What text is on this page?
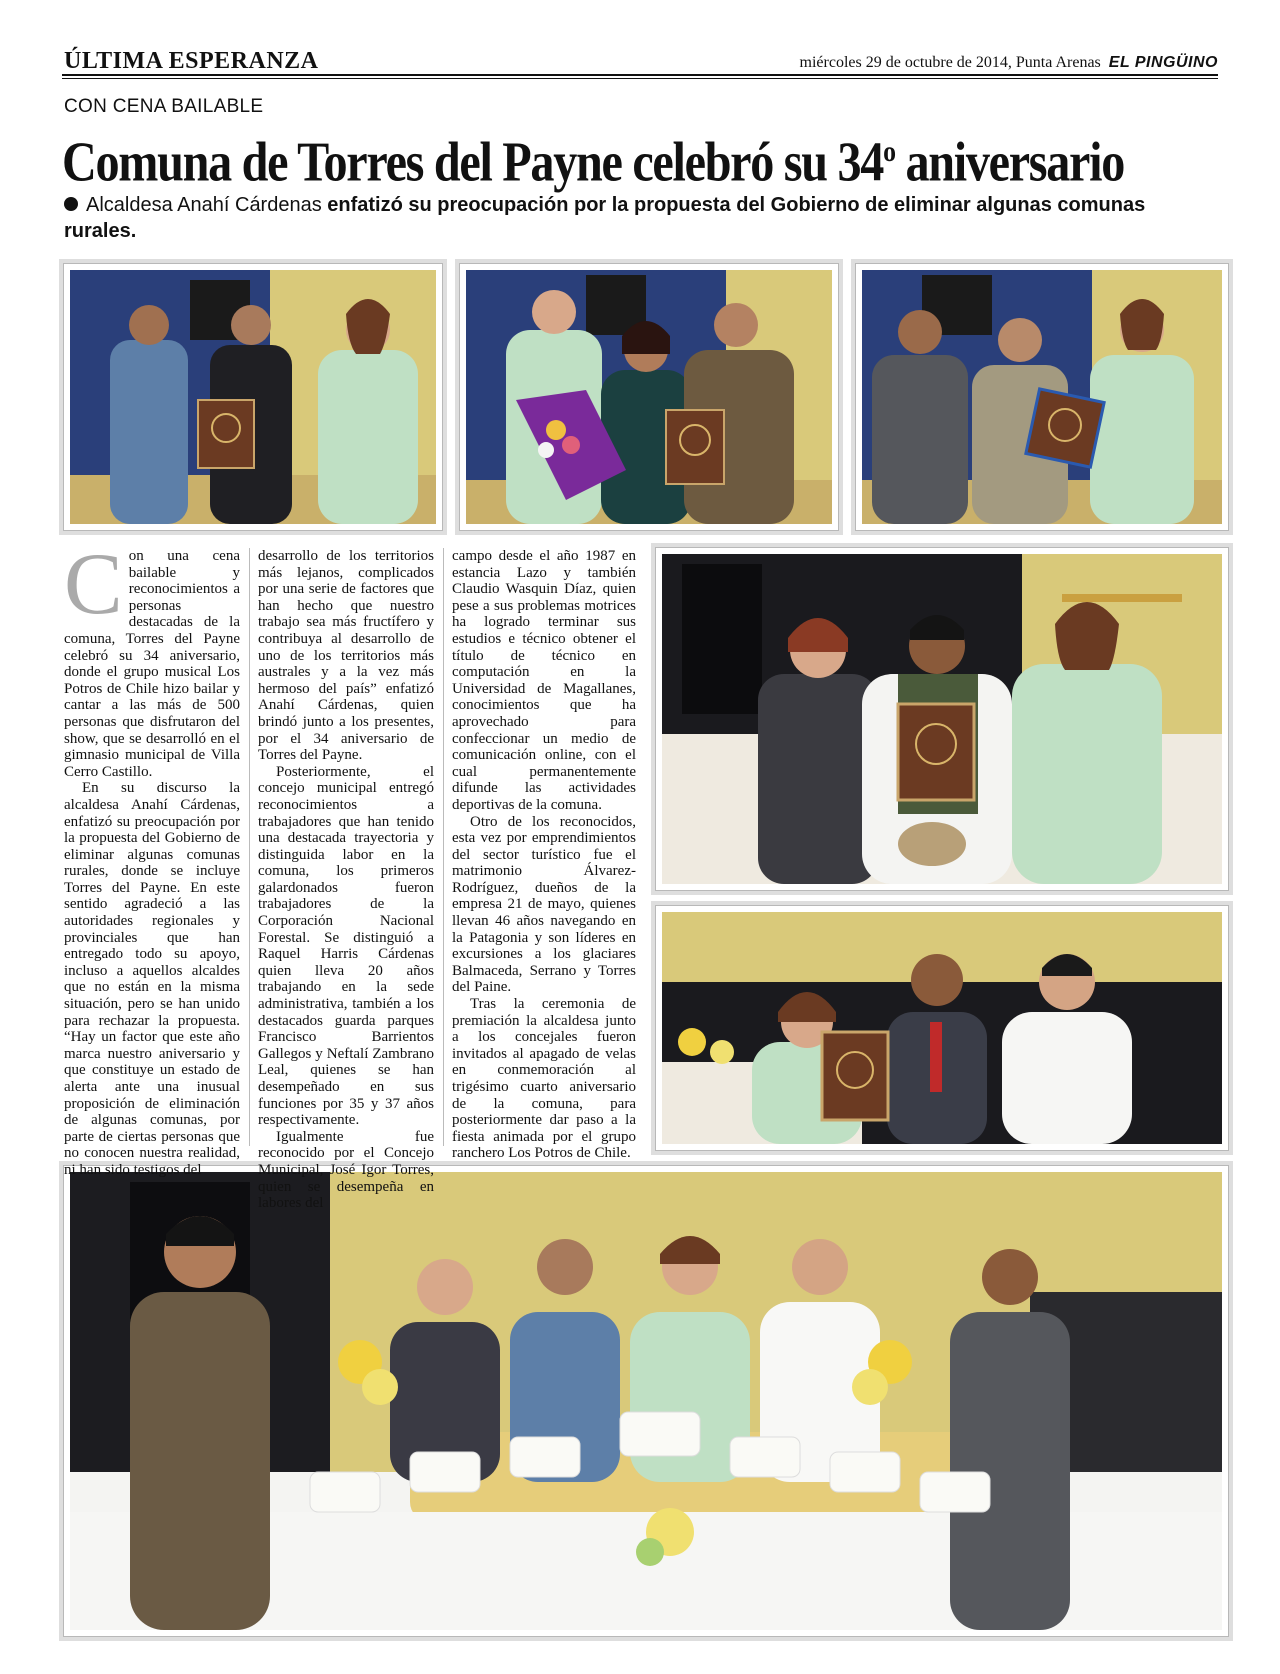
ÚLTIMA ESPERANZA	miércoles 29 de octubre de 2014, Punta Arenas EL PINGÜINO
CON CENA BAILABLE
Comuna de Torres del Payne celebró su 34$^o$ aniversario
Alcaldesa Anahí Cárdenas enfatizó su preocupación por la propuesta del Gobierno de eliminar algunas comunas rurales.
C on una cena bailable y reconocimientos a personas destacadas de la comuna, Torres del Payne celebró su 34 aniversario, donde el grupo musical Los Potros de Chile hizo bailar y cantar a las más de 500 personas que disfrutaron del show, que se desarrolló en el gimnasio municipal de Villa Cerro Castillo.

En su discurso la alcaldesa Anahí Cárdenas, enfatizó su preocupación por la propuesta del Gobierno de eliminar algunas comunas rurales, donde se incluye Torres del Payne. En este sentido agradeció a las autoridades regionales y provinciales que han entregado todo su apoyo, incluso a aquellos alcaldes que no están en la misma situación, pero se han unido para rechazar la propuesta. “Hay un factor que este año marca nuestro aniversario y que constituye un estado de alerta ante una inusual proposición de eliminación de algunas comunas, por parte de ciertas personas que no conocen nuestra realidad, ni han sido testigos del

desarrollo de los territorios más lejanos, complicados por una serie de factores que han hecho que nuestro trabajo sea más fructífero y contribuya al desarrollo de uno de los territorios más australes y a la vez más hermoso del país” enfatizó Anahí Cárdenas, quien brindó junto a los presentes, por el 34 aniversario de Torres del Payne.

Posteriormente, el concejo municipal entregó reconocimientos a trabajadores que han tenido una destacada trayectoria y distinguida labor en la comuna, los primeros galardonados fueron trabajadores de la Corporación Nacional Forestal. Se distinguió a Raquel Harris Cárdenas quien lleva 20 años trabajando en la sede administrativa, también a los destacados guarda parques Francisco Barrientos Gallegos y Neftalí Zambrano Leal, quienes se han desempeñado en sus funciones por 35 y 37 años respectivamente.

Igualmente fue reconocido por el Concejo Municipal, José Igor Torres, quien se desempeña en labores del

campo desde el año 1987 en estancia Lazo y también Claudio Wasquin Díaz, quien pese a sus problemas motrices ha logrado terminar sus estudios e técnico obtener el título de técnico en computación en la Universidad de Magallanes, conocimientos que ha aprovechado para confeccionar un medio de comunicación online, con el cual permanentemente difunde las actividades deportivas de la comuna.

Otro de los reconocidos, esta vez por emprendimientos del sector turístico fue el matrimonio Álvarez-Rodríguez, dueños de la empresa 21 de mayo, quienes llevan 46 años navegando en la Patagonia y son líderes en excursiones a los glaciares Balmaceda, Serrano y Torres del Paine.

Tras la ceremonia de premiación la alcaldesa junto a los concejales fueron invitados al apagado de velas en conmemoración al trigésimo cuarto aniversario de la comuna, para posteriormente dar paso a la fiesta animada por el grupo ranchero Los Potros de Chile.
